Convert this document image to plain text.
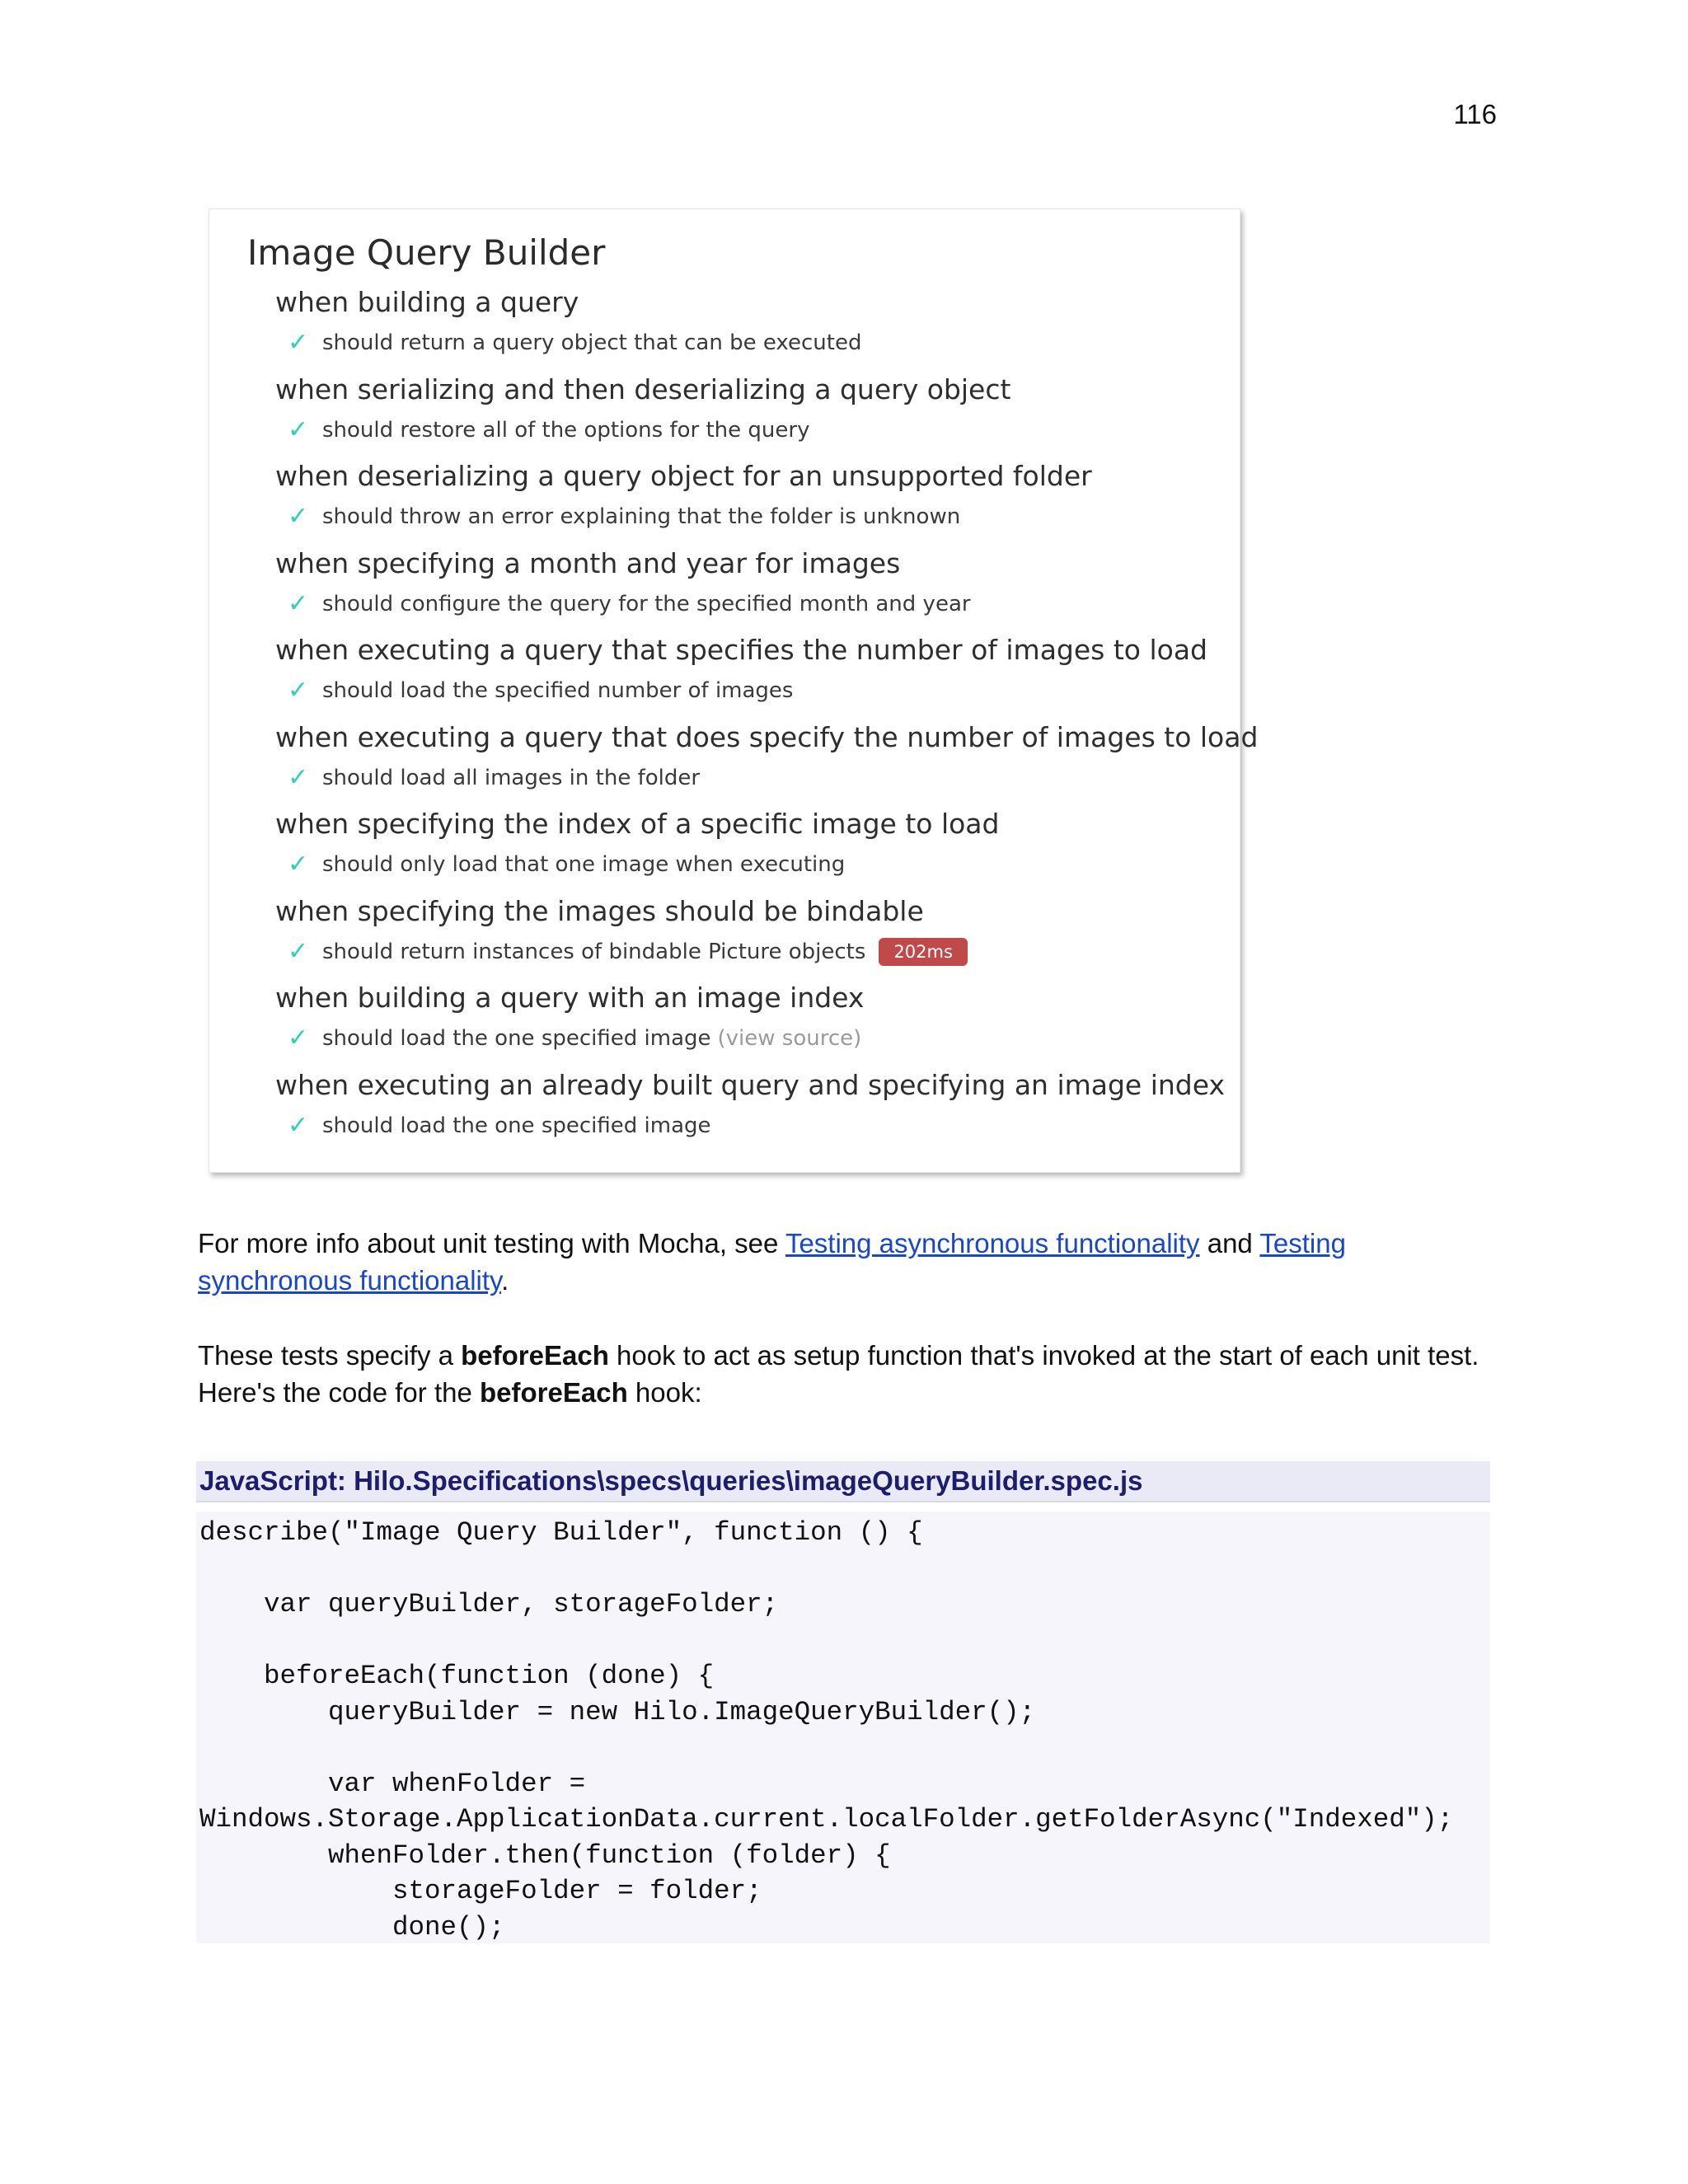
116
Image Query Builder
when building a query
✓ should return a query object that can be executed
when serializing and then deserializing a query object
✓ should restore all of the options for the query
when deserializing a query object for an unsupported folder
✓ should throw an error explaining that the folder is unknown
when specifying a month and year for images
✓ should configure the query for the specified month and year
when executing a query that specifies the number of images to load
✓ should load the specified number of images
when executing a query that does specify the number of images to load
✓ should load all images in the folder
when specifying the index of a specific image to load
✓ should only load that one image when executing
when specifying the images should be bindable
✓ should return instances of bindable Picture objects	202ms
when building a query with an image index
✓ should load the one specified image (view source)
when executing an already built query and specifying an image index
✓ should load the one specified image
For more info about unit testing with Mocha, see Testing asynchronous functionality and Testing synchronous functionality.
These tests specify a beforeEach hook to act as setup function that's invoked at the start of each unit test. Here's the code for the beforeEach hook:
JavaScript: Hilo.Specifications\specs\queries\imageQueryBuilder.spec.js
describe("Image Query Builder", function () {
var queryBuilder, storageFolder;
beforeEach(function (done) {
queryBuilder = new Hilo.ImageQueryBuilder();
var whenFolder =
Windows.Storage.ApplicationData.current.localFolder.getFolderAsync("Indexed");
whenFolder.then(function (folder) {
storageFolder = folder;
done();
